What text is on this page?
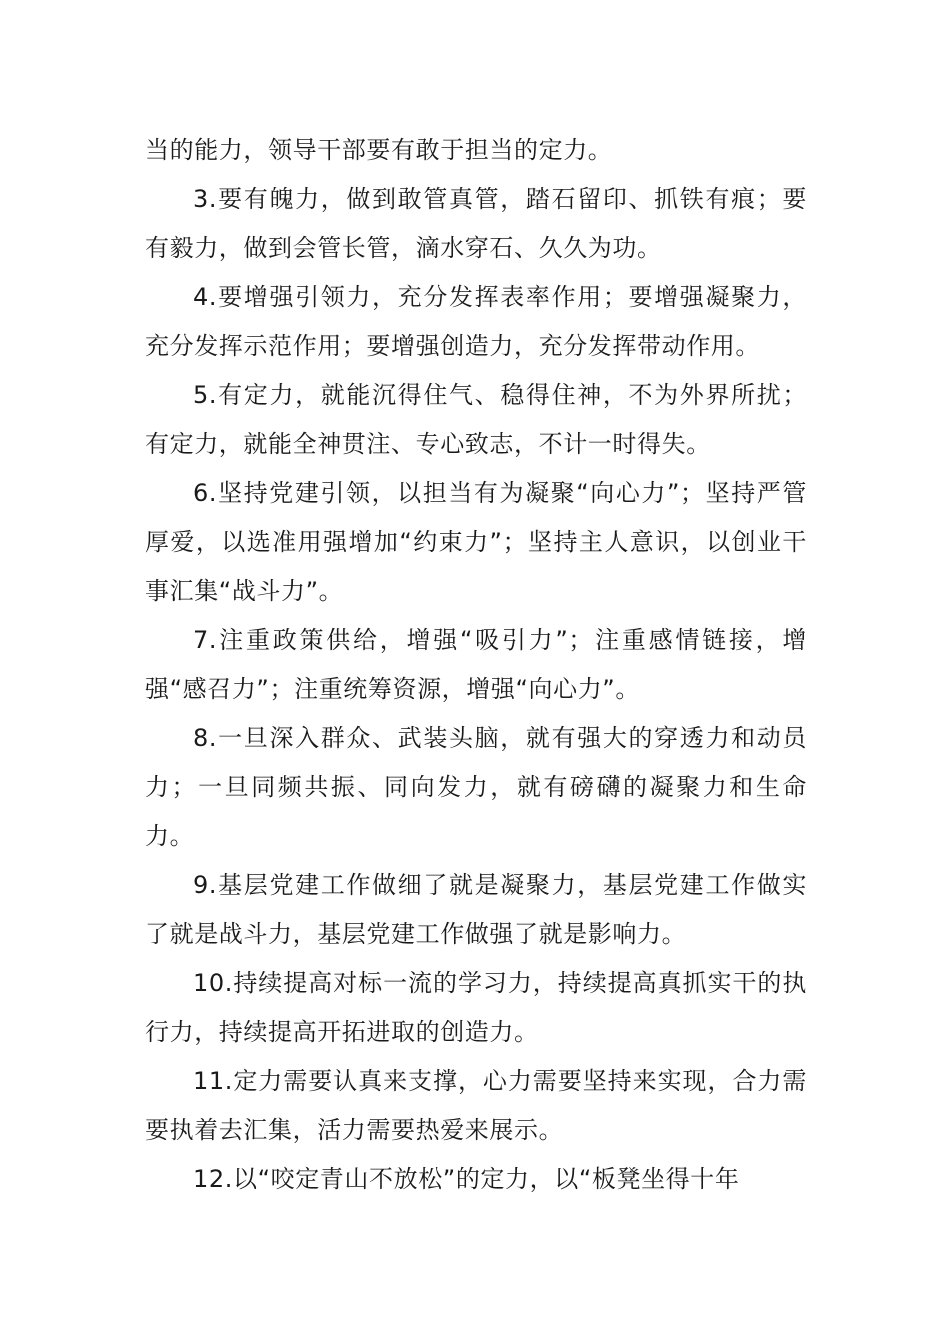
当的能力，领导干部要有敢于担当的定力。

3.要有魄力，做到敢管真管，踏石留印、抓铁有痕；要有毅力，做到会管长管，滴水穿石、久久为功。

4.要增强引领力，充分发挥表率作用；要增强凝聚力，充分发挥示范作用；要增强创造力，充分发挥带动作用。

5.有定力，就能沉得住气、稳得住神，不为外界所扰；有定力，就能全神贯注、专心致志，不计一时得失。

6.坚持党建引领，以担当有为凝聚“向心力”；坚持严管厚爱，以选准用强增加“约束力”；坚持主人意识，以创业干事汇集“战斗力”。

7.注重政策供给，增强“吸引力”；注重感情链接，增强“感召力”；注重统筹资源，增强“向心力”。

8.一旦深入群众、武装头脑，就有强大的穿透力和动员力；一旦同频共振、同向发力，就有磅礴的凝聚力和生命力。

9.基层党建工作做细了就是凝聚力，基层党建工作做实了就是战斗力，基层党建工作做强了就是影响力。

10.持续提高对标一流的学习力，持续提高真抓实干的执行力，持续提高开拓进取的创造力。

11.定力需要认真来支撑，心力需要坚持来实现，合力需要执着去汇集，活力需要热爱来展示。

12.以“咬定青山不放松”的定力，以“板凳坐得十年
